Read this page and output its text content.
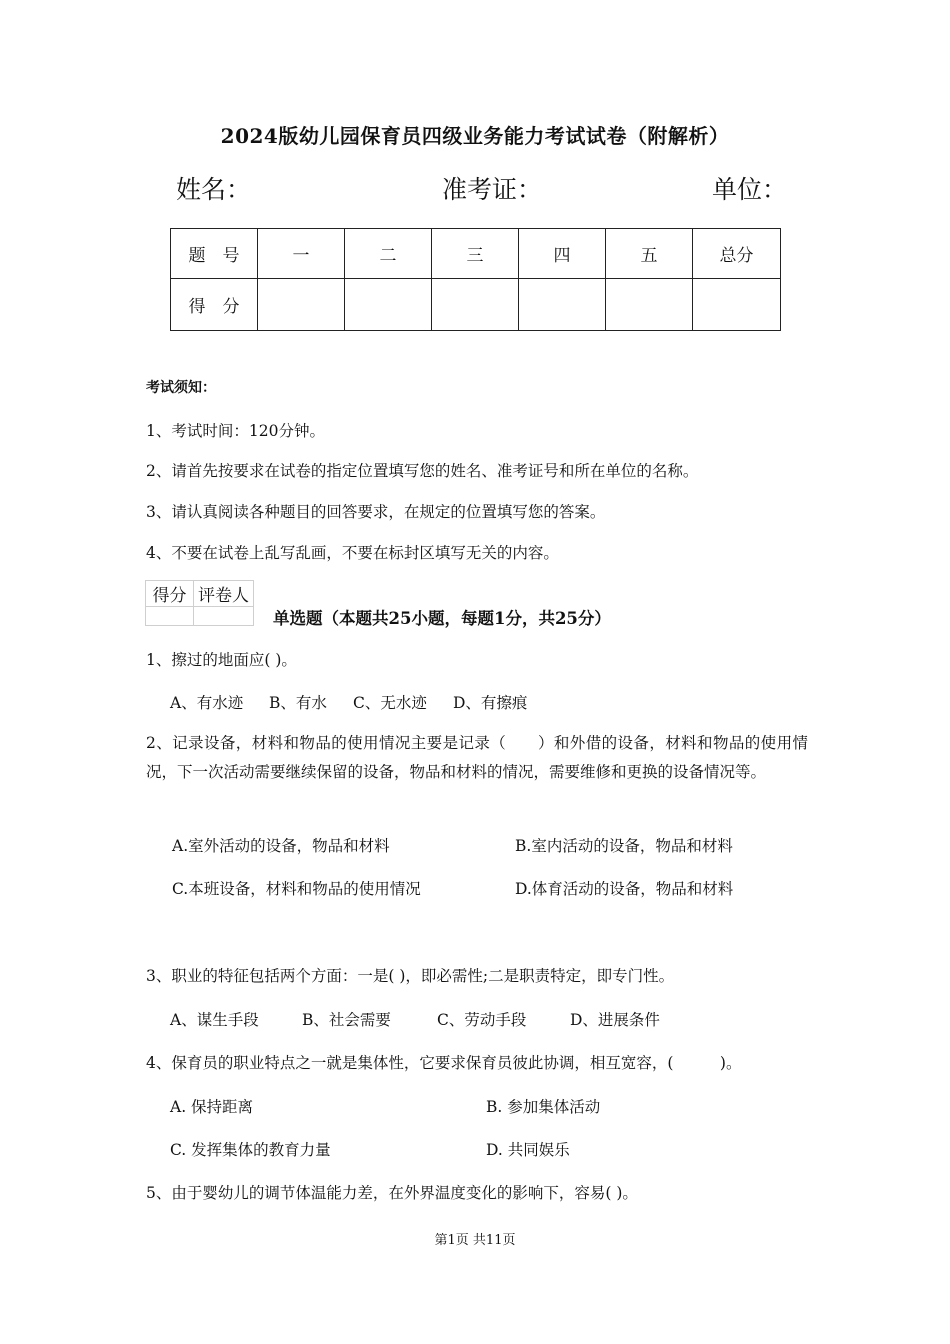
2024版幼儿园保育员四级业务能力考试试卷（附解析）
姓名：	准考证：	单位：
题　号	一	二	三	四	五	总分
得　分						
考试须知：
1、考试时间：120分钟。
2、请首先按要求在试卷的指定位置填写您的姓名、准考证号和所在单位的名称。
3、请认真阅读各种题目的回答要求，在规定的位置填写您的答案。
4、不要在试卷上乱写乱画，不要在标封区填写无关的内容。
得分	评卷人

单选题（本题共25小题，每题1分，共25分）
1、擦过的地面应( )。
A、有水迹 B、有水 C、无水迹 D、有擦痕
2、记录设备，材料和物品的使用情况主要是记录（　　）和外借的设备，材料和物品的使用情况，下一次活动需要继续保留的设备，物品和材料的情况，需要维修和更换的设备情况等。
A.室外活动的设备，物品和材料	B.室内活动的设备，物品和材料
C.本班设备，材料和物品的使用情况	D.体育活动的设备，物品和材料
3、职业的特征包括两个方面：一是( )，即必需性;二是职责特定，即专门性。
A、谋生手段	B、社会需要	C、劳动手段	D、进展条件
4、保育员的职业特点之一就是集体性，它要求保育员彼此协调，相互宽容，(　　　)。
A. 保持距离	B. 参加集体活动
C. 发挥集体的教育力量	D. 共同娱乐
5、由于婴幼儿的调节体温能力差，在外界温度变化的影响下，容易( )。
第1页 共11页
